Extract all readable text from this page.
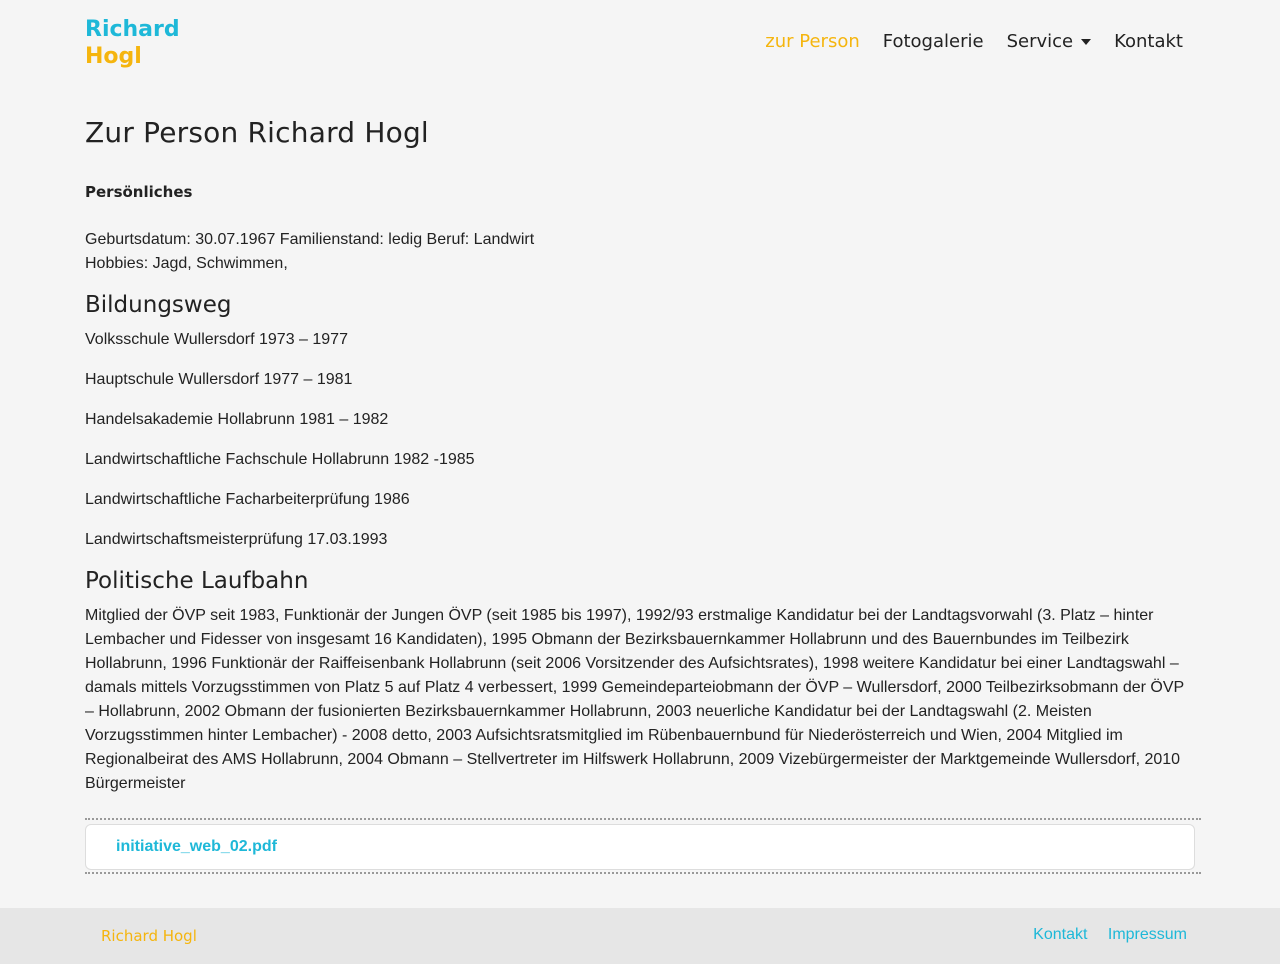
Richard
Hogl
zur Person Fotogalerie Service Kontakt
Zur Person Richard Hogl
Persönliches
Geburtsdatum: 30.07.1967 Familienstand: ledig Beruf: Landwirt
Hobbies: Jagd, Schwimmen,
Bildungsweg
Volksschule Wullersdorf 1973 – 1977
Hauptschule Wullersdorf 1977 – 1981
Handelsakademie Hollabrunn 1981 – 1982
Landwirtschaftliche Fachschule Hollabrunn 1982 -1985
Landwirtschaftliche Facharbeiterprüfung 1986
Landwirtschaftsmeisterprüfung 17.03.1993
Politische Laufbahn
Mitglied der ÖVP seit 1983, Funktionär der Jungen ÖVP (seit 1985 bis 1997), 1992/93 erstmalige Kandidatur bei der Landtagsvorwahl (3. Platz – hinter Lembacher und Fidesser von insgesamt 16 Kandidaten), 1995 Obmann der Bezirksbauernkammer Hollabrunn und des Bauernbundes im Teilbezirk Hollabrunn, 1996 Funktionär der Raiffeisenbank Hollabrunn (seit 2006 Vorsitzender des Aufsichtsrates), 1998 weitere Kandidatur bei einer Landtagswahl – damals mittels Vorzugsstimmen von Platz 5 auf Platz 4 verbessert, 1999 Gemeindeparteiobmann der ÖVP – Wullersdorf, 2000 Teilbezirksobmann der ÖVP – Hollabrunn, 2002 Obmann der fusionierten Bezirksbauernkammer Hollabrunn, 2003 neuerliche Kandidatur bei der Landtagswahl (2. Meisten Vorzugsstimmen hinter Lembacher) - 2008 detto, 2003 Aufsichtsratsmitglied im Rübenbauernbund für Niederösterreich und Wien, 2004 Mitglied im Regionalbeirat des AMS Hollabrunn, 2004 Obmann – Stellvertreter im Hilfswerk Hollabrunn, 2009 Vizebürgermeister der Marktgemeinde Wullersdorf, 2010 Bürgermeister
initiative_web_02.pdf
Richard Hogl	Kontakt Impressum
